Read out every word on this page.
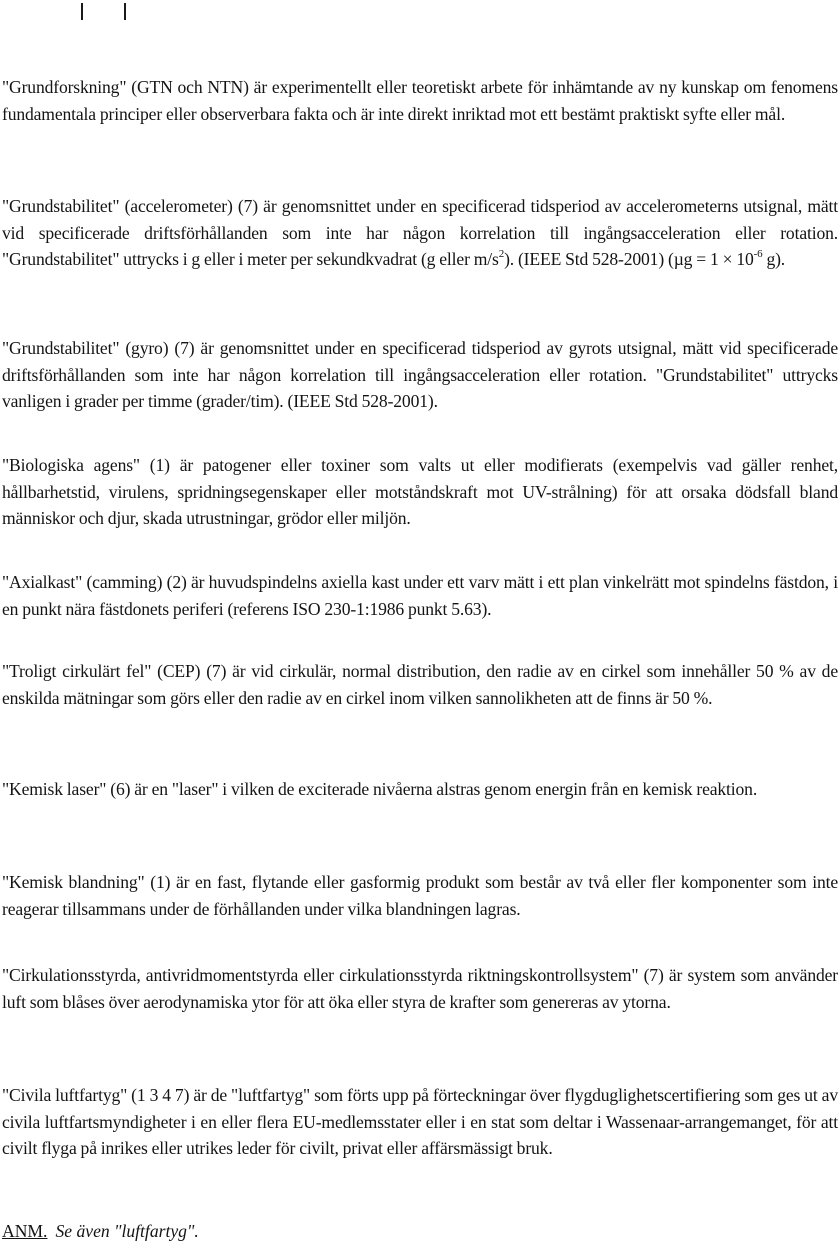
"Grundforskning" (GTN och NTN) är experimentellt eller teoretiskt arbete för inhämtande av ny kunskap om fenomens fundamentala principer eller observerbara fakta och är inte direkt inriktad mot ett bestämt praktiskt syfte eller mål.

"Grundstabilitet" (accelerometer) (7) är genomsnittet under en specificerad tidsperiod av accelerometerns utsignal, mätt vid specificerade driftsförhållanden som inte har någon korrelation till ingångsacceleration eller rotation. "Grundstabilitet" uttrycks i g eller i meter per sekundkvadrat (g eller $m/s^2$). (IEEE Std 528-2001) ($\mu g = 1 \times 10^{-6}$ g).

"Grundstabilitet" (gyro) (7) är genomsnittet under en specificerad tidsperiod av gyrots utsignal, mätt vid specificerade driftsförhållanden som inte har någon korrelation till ingångsacceleration eller rotation. "Grundstabilitet" uttrycks vanligen i grader per timme (grader/tim). (IEEE Std 528-2001).

"Biologiska agens" (1) är patogener eller toxiner som valts ut eller modifierats (exempelvis vad gäller renhet, hållbarhetstid, virulens, spridningsegenskaper eller motståndskraft mot UV-strålning) för att orsaka dödsfall bland människor och djur, skada utrustningar, grödor eller miljön.

"Axialkast" (camming) (2) är huvudspindelns axiella kast under ett varv mätt i ett plan vinkelrätt mot spindelns fästdon, i en punkt nära fästdonets periferi (referens ISO 230-1:1986 punkt 5.63).

"Troligt cirkulärt fel" (CEP) (7) är vid cirkulär, normal distribution, den radie av en cirkel som innehåller 50 % av de enskilda mätningar som görs eller den radie av en cirkel inom vilken sannolikheten att de finns är 50 %.

"Kemisk laser" (6) är en "laser" i vilken de exciterade nivåerna alstras genom energin från en kemisk reaktion.

"Kemisk blandning" (1) är en fast, flytande eller gasformig produkt som består av två eller fler komponenter som inte reagerar tillsammans under de förhållanden under vilka blandningen lagras.

"Cirkulationsstyrda, antivridmomentstyrda eller cirkulationsstyrda riktningskontrollsystem" (7) är system som använder luft som blåses över aerodynamiska ytor för att öka eller styra de krafter som genereras av ytorna.

"Civila luftfartyg" (1 3 4 7) är de "luftfartyg" som förts upp på förteckningar över flygduglighetscertifiering som ges ut av civila luftfartsmyndigheter i en eller flera EU-medlemsstater eller i en stat som deltar i Wassenaar-arrangemanget, för att civilt flyga på inrikes eller utrikes leder för civilt, privat eller affärsmässigt bruk.

ANM. Se även "luftfartyg".
